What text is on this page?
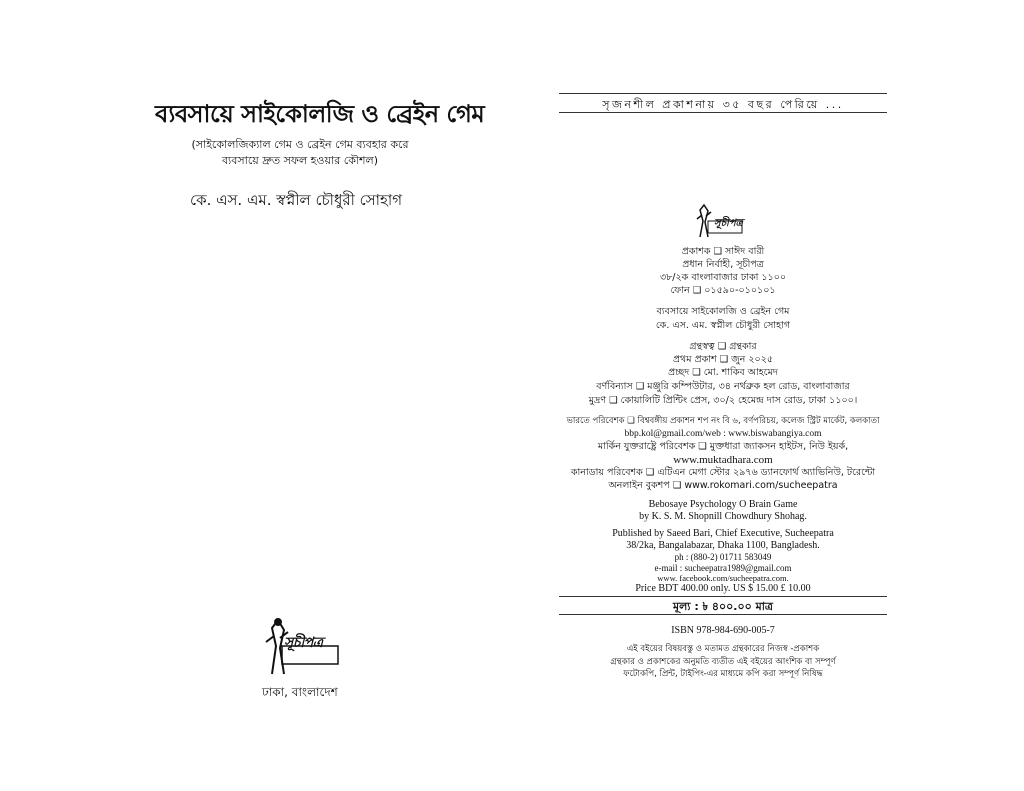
ব্যবসায়ে সাইকোলজি ও ব্রেইন গেম
(সাইকোলজিক্যাল গেম ও ব্রেইন গেম ব্যবহার করে
ব্যবসায়ে দ্রুত সফল হওয়ার কৌশল)
কে. এস. এম. স্বপ্নীল চৌধুরী সোহাগ
সূচীপত্র
ঢাকা, বাংলাদেশ
সৃজনশীল প্রকাশনায় ৩৫ বছর পেরিয়ে ...
সূচীপত্র
প্রকাশক ❑ সাঈদ বারী
প্রধান নির্বাহী, সূচীপত্র
৩৮/২ক বাংলাবাজার ঢাকা ১১০০
ফোন ❑ ০১৫৯০-০১০১০১
ব্যবসায়ে সাইকোলজি ও ব্রেইন গেম
কে. এস. এম. স্বপ্নীল চৌধুরী সোহাগ
গ্রন্থস্বত্ব ❑ গ্রন্থকার
প্রথম প্রকাশ ❑ জুন ২০২৫
প্রচ্ছদ ❑ মো. শাকিব আহমেদ
বর্ণবিন্যাস ❑ মঞ্জুরি কম্পিউটার, ৩৪ নর্থব্রুক হল রোড, বাংলাবাজার
মুদ্রণ ❑ কোয়ালিটি প্রিন্টিং প্রেস, ৩০/২ হেমেন্দ্র দাস রোড, ঢাকা ১১০০।
ভারতে পরিবেশক ❑ বিশ্ববঙ্গীয় প্রকাশন শপ নং বি ৬, বর্ণপরিচয়, কলেজ স্ট্রিট মার্কেট, কলকাতা
bbp.kol@gmail.com/web : www.biswabangiya.com
মার্কিন যুক্তরাষ্ট্রে পরিবেশক ❑ মুক্তধারা জ্যাকসন হাইটস, নিউ ইয়র্ক,
www.muktadhara.com
কানাডায় পরিবেশক ❑ এটিএন মেগা স্টোর ২৯৭৬ ড্যানফোর্থ অ্যাভিনিউ, টরেন্টো
অনলাইন বুকশপ ❑ www.rokomari.com/sucheepatra
Bebosaye Psychology O Brain Game
by K. S. M. Shopnill Chowdhury Shohag.
Published by Saeed Bari, Chief Executive, Sucheepatra
38/2ka, Bangalabazar, Dhaka 1100, Bangladesh.
ph : (880-2) 01711 583049
e-mail : sucheepatra1989@gmail.com
www. facebook.com/sucheepatra.com.
Price BDT 400.00 only. US $ 15.00 £ 10.00
মূল্য : ৳ ৪০০.০০ মাত্র
ISBN 978-984-690-005-7
এই বইয়ের বিষয়বস্তু ও মতামত গ্রন্থকারের নিজস্ব -প্রকাশক
গ্রন্থকার ও প্রকাশকের অনুমতি ব্যতীত এই বইয়ের আংশিক বা সম্পূর্ণ
ফটোকপি, প্রিন্ট, টাইপিং-এর মাধ্যমে কপি করা সম্পূর্ণ নিষিদ্ধ
